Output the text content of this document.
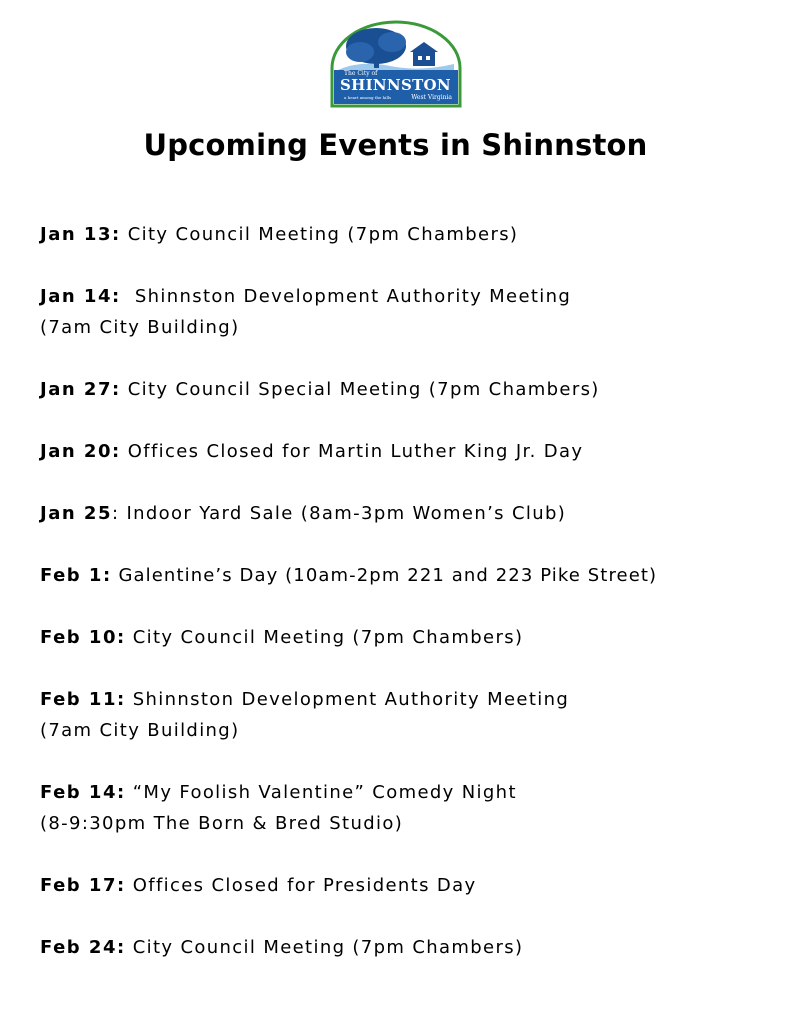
The City of
SHINNSTON
a heart among the hills	West Virginia
Upcoming Events in Shinnston
Jan 13: City Council Meeting (7pm Chambers)
Jan 14:  Shinnston Development Authority Meeting
(7am City Building)
Jan 27: City Council Special Meeting (7pm Chambers)
Jan 20: Offices Closed for Martin Luther King Jr. Day
Jan 25: Indoor Yard Sale (8am-3pm Women’s Club)
Feb 1: Galentine’s Day (10am-2pm 221 and 223 Pike Street)
Feb 10: City Council Meeting (7pm Chambers)
Feb 11: Shinnston Development Authority Meeting
(7am City Building)
Feb 14: “My Foolish Valentine” Comedy Night
(8-9:30pm The Born & Bred Studio)
Feb 17: Offices Closed for Presidents Day
Feb 24: City Council Meeting (7pm Chambers)
